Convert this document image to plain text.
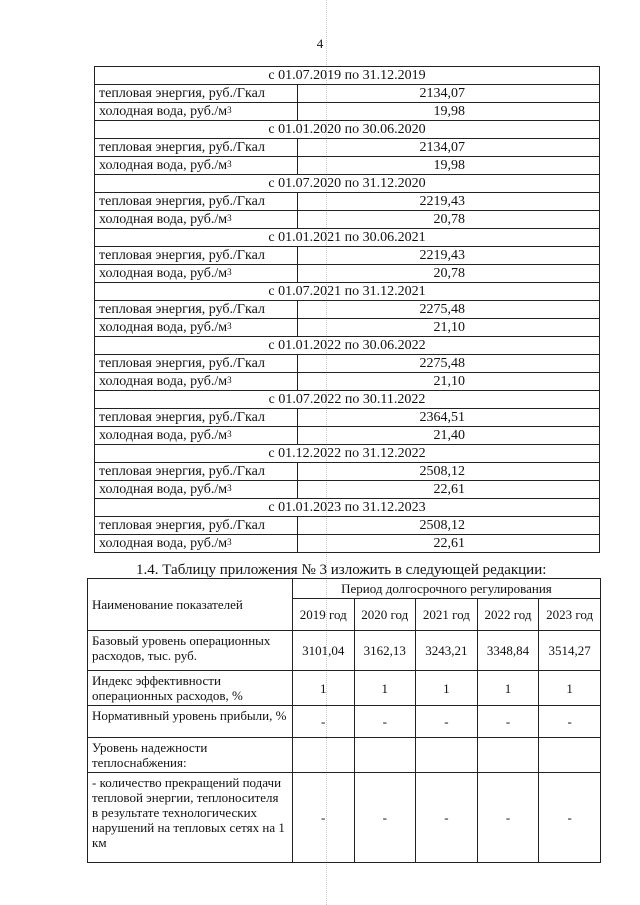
4
с 01.07.2019 по 31.12.2019	
тепловая энергия, руб./Гкал	2134,07
холодная вода, $руб./м^3$	19,98
с 01.01.2020 по 30.06.2020	
тепловая энергия, руб./Гкал	2134,07
холодная вода, $руб./м^3$	19,98
с 01.07.2020 по 31.12.2020	
тепловая энергия, руб./Гкал	2219,43
холодная вода, $руб./м^3$	20,78
с 01.01.2021 по 30.06.2021	
тепловая энергия, руб./Гкал	2219,43
холодная вода, $руб./м^3$	20,78
с 01.07.2021 по 31.12.2021	
тепловая энергия, руб./Гкал	2275,48
холодная вода, $руб./м^3$	21,10
с 01.01.2022 по 30.06.2022	
тепловая энергия, руб./Гкал	2275,48
холодная вода, $руб./м^3$	21,10
с 01.07.2022 по 30.11.2022	
тепловая энергия, руб./Гкал	2364,51
холодная вода, $руб./м^3$	21,40
с 01.12.2022 по 31.12.2022	
тепловая энергия, руб./Гкал	2508,12
холодная вода, $руб./м^3$	22,61
с 01.01.2023 по 31.12.2023	
тепловая энергия, руб./Гкал	2508,12
холодная вода, $руб./м^3$	22,61
1.4. Таблицу приложения № 3 изложить в следующей редакции:
Наименование показателей	Период долгосрочного регулирования				
	2019 год	2020 год	2021 год	2022 год	2023 год
Базовый уровень операционных расходов, тыс. руб.	3101,04	3162,13	3243,21	3348,84	3514,27
Индекс эффективности операционных расходов, %	1	1	1	1	1
Нормативный уровень прибыли, %	-	-	-	-	-
Уровень надежности теплоснабжения:					
- количество прекращений подачи тепловой энергии, теплоносителя в результате технологических нарушений на тепловых сетях на 1 км	-	-	-	-	-
